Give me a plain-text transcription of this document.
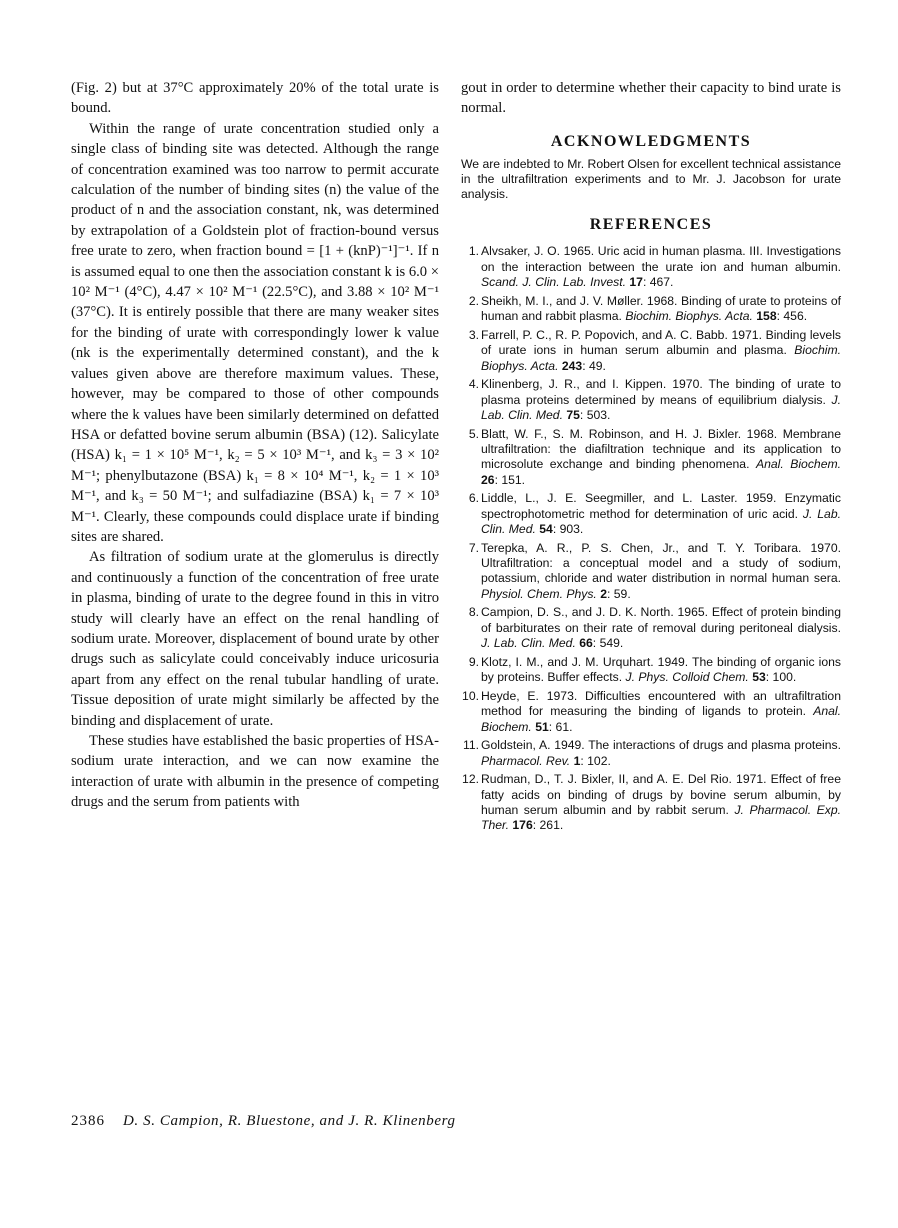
(Fig. 2) but at 37°C approximately 20% of the total urate is bound.

Within the range of urate concentration studied only a single class of binding site was detected. Although the range of concentration examined was too narrow to permit accurate calculation of the number of binding sites (n) the value of the product of n and the association constant, nk, was determined by extrapolation of a Goldstein plot of fraction-bound versus free urate to zero, when fraction bound = [1 + (knP)⁻¹]⁻¹. If n is assumed equal to one then the association constant k is 6.0 × 10² M⁻¹ (4°C), 4.47 × 10² M⁻¹ (22.5°C), and 3.88 × 10² M⁻¹ (37°C). It is entirely possible that there are many weaker sites for the binding of urate with correspondingly lower k value (nk is the experimentally determined constant), and the k values given above are therefore maximum values. These, however, may be compared to those of other compounds where the k values have been similarly determined on defatted HSA or defatted bovine serum albumin (BSA) (12). Salicylate (HSA) k₁ = 1 × 10⁵ M⁻¹, k₂ = 5 × 10³ M⁻¹, and k₃ = 3 × 10² M⁻¹; phenylbutazone (BSA) k₁ = 8 × 10⁴ M⁻¹, k₂ = 1 × 10³ M⁻¹, and k₃ = 50 M⁻¹; and sulfadiazine (BSA) k₁ = 7 × 10³ M⁻¹. Clearly, these compounds could displace urate if binding sites are shared.

As filtration of sodium urate at the glomerulus is directly and continuously a function of the concentration of free urate in plasma, binding of urate to the degree found in this in vitro study will clearly have an effect on the renal handling of sodium urate. Moreover, displacement of bound urate by other drugs such as salicylate could conceivably induce uricosuria apart from any effect on the renal tubular handling of urate. Tissue deposition of urate might similarly be affected by the binding and displacement of urate.

These studies have established the basic properties of HSA-sodium urate interaction, and we can now examine the interaction of urate with albumin in the presence of competing drugs and the serum from patients with

gout in order to determine whether their capacity to bind urate is normal.

ACKNOWLEDGMENTS

We are indebted to Mr. Robert Olsen for excellent technical assistance in the ultrafiltration experiments and to Mr. J. Jacobson for urate analysis.

REFERENCES
1. Alvsaker, J. O. 1965. Uric acid in human plasma. III. Investigations on the interaction between the urate ion and human albumin. Scand. J. Clin. Lab. Invest. 17: 467.
2. Sheikh, M. I., and J. V. Møller. 1968. Binding of urate to proteins of human and rabbit plasma. Biochim. Biophys. Acta. 158: 456.
3. Farrell, P. C., R. P. Popovich, and A. C. Babb. 1971. Binding levels of urate ions in human serum albumin and plasma. Biochim. Biophys. Acta. 243: 49.
4. Klinenberg, J. R., and I. Kippen. 1970. The binding of urate to plasma proteins determined by means of equilibrium dialysis. J. Lab. Clin. Med. 75: 503.
5. Blatt, W. F., S. M. Robinson, and H. J. Bixler. 1968. Membrane ultrafiltration: the diafiltration technique and its application to microsolute exchange and binding phenomena. Anal. Biochem. 26: 151.
6. Liddle, L., J. E. Seegmiller, and L. Laster. 1959. Enzymatic spectrophotometric method for determination of uric acid. J. Lab. Clin. Med. 54: 903.
7. Terepka, A. R., P. S. Chen, Jr., and T. Y. Toribara. 1970. Ultrafiltration: a conceptual model and a study of sodium, potassium, chloride and water distribution in normal human sera. Physiol. Chem. Phys. 2: 59.
8. Campion, D. S., and J. D. K. North. 1965. Effect of protein binding of barbiturates on their rate of removal during peritoneal dialysis. J. Lab. Clin. Med. 66: 549.
9. Klotz, I. M., and J. M. Urquhart. 1949. The binding of organic ions by proteins. Buffer effects. J. Phys. Colloid Chem. 53: 100.
10. Heyde, E. 1973. Difficulties encountered with an ultrafiltration method for measuring the binding of ligands to protein. Anal. Biochem. 51: 61.
11. Goldstein, A. 1949. The interactions of drugs and plasma proteins. Pharmacol. Rev. 1: 102.
12. Rudman, D., T. J. Bixler, II, and A. E. Del Rio. 1971. Effect of free fatty acids on binding of drugs by bovine serum albumin, by human serum albumin and by rabbit serum. J. Pharmacol. Exp. Ther. 176: 261.
2386 D. S. Campion, R. Bluestone, and J. R. Klinenberg
